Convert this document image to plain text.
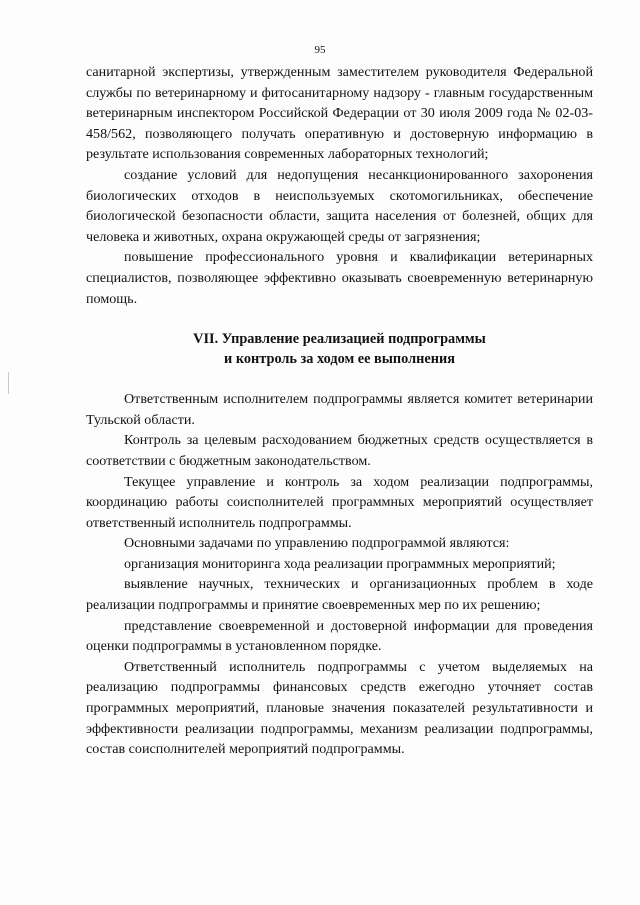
95

санитарной экспертизы, утвержденным заместителем руководителя Федеральной службы по ветеринарному и фитосанитарному надзору - главным государственным ветеринарным инспектором Российской Федерации от 30 июля 2009 года № 02-03-458/562, позволяющего получать оперативную и достоверную информацию в результате использования современных лабораторных технологий;

создание условий для недопущения несанкционированного захоронения биологических отходов в неиспользуемых скотомогильниках, обеспечение биологической безопасности области, защита населения от болезней, общих для человека и животных, охрана окружающей среды от загрязнения;

повышение профессионального уровня и квалификации ветеринарных специалистов, позволяющее эффективно оказывать своевременную ветеринарную помощь.

VII. Управление реализацией подпрограммы
и контроль за ходом ее выполнения

Ответственным исполнителем подпрограммы является комитет ветеринарии Тульской области.

Контроль за целевым расходованием бюджетных средств осуществляется в соответствии с бюджетным законодательством.

Текущее управление и контроль за ходом реализации подпрограммы, координацию работы соисполнителей программных мероприятий осуществляет ответственный исполнитель подпрограммы.

Основными задачами по управлению подпрограммой являются:

организация мониторинга хода реализации программных мероприятий;

выявление научных, технических и организационных проблем в ходе реализации подпрограммы и принятие своевременных мер по их решению;

представление своевременной и достоверной информации для проведения оценки подпрограммы в установленном порядке.

Ответственный исполнитель подпрограммы с учетом выделяемых на реализацию подпрограммы финансовых средств ежегодно уточняет состав программных мероприятий, плановые значения показателей результативности и эффективности реализации подпрограммы, механизм реализации подпрограммы, состав соисполнителей мероприятий подпрограммы.
